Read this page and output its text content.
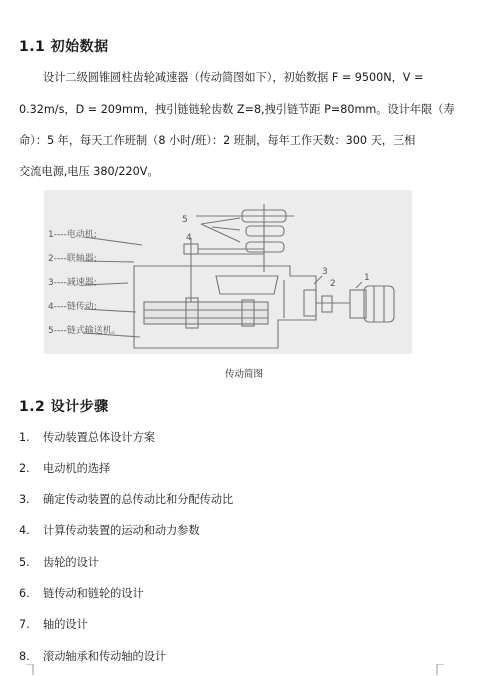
1.1 初始数据
设计二级圆锥圆柱齿轮减速器（传动简图如下），初始数据 F = 9500N，V =
0.32m/s，D = 209mm，拽引链链轮齿数 Z=8,拽引链节距 P=80mm。设计年限（寿
命）：5 年，每天工作班制（8 小时/班）：2 班制，每年工作天数：300 天，三相
交流电源,电压 380/220V。
1----电动机;
2----联轴器;
3----减速器;
4----链传动;
5----链式输送机。
5
4
3
2
1
传动简图
1.2 设计步骤
1. 传动装置总体设计方案
2. 电动机的选择
3. 确定传动装置的总传动比和分配传动比
4. 计算传动装置的运动和动力参数
5. 齿轮的设计
6. 链传动和链轮的设计
7. 轴的设计
8. 滚动轴承和传动轴的设计
